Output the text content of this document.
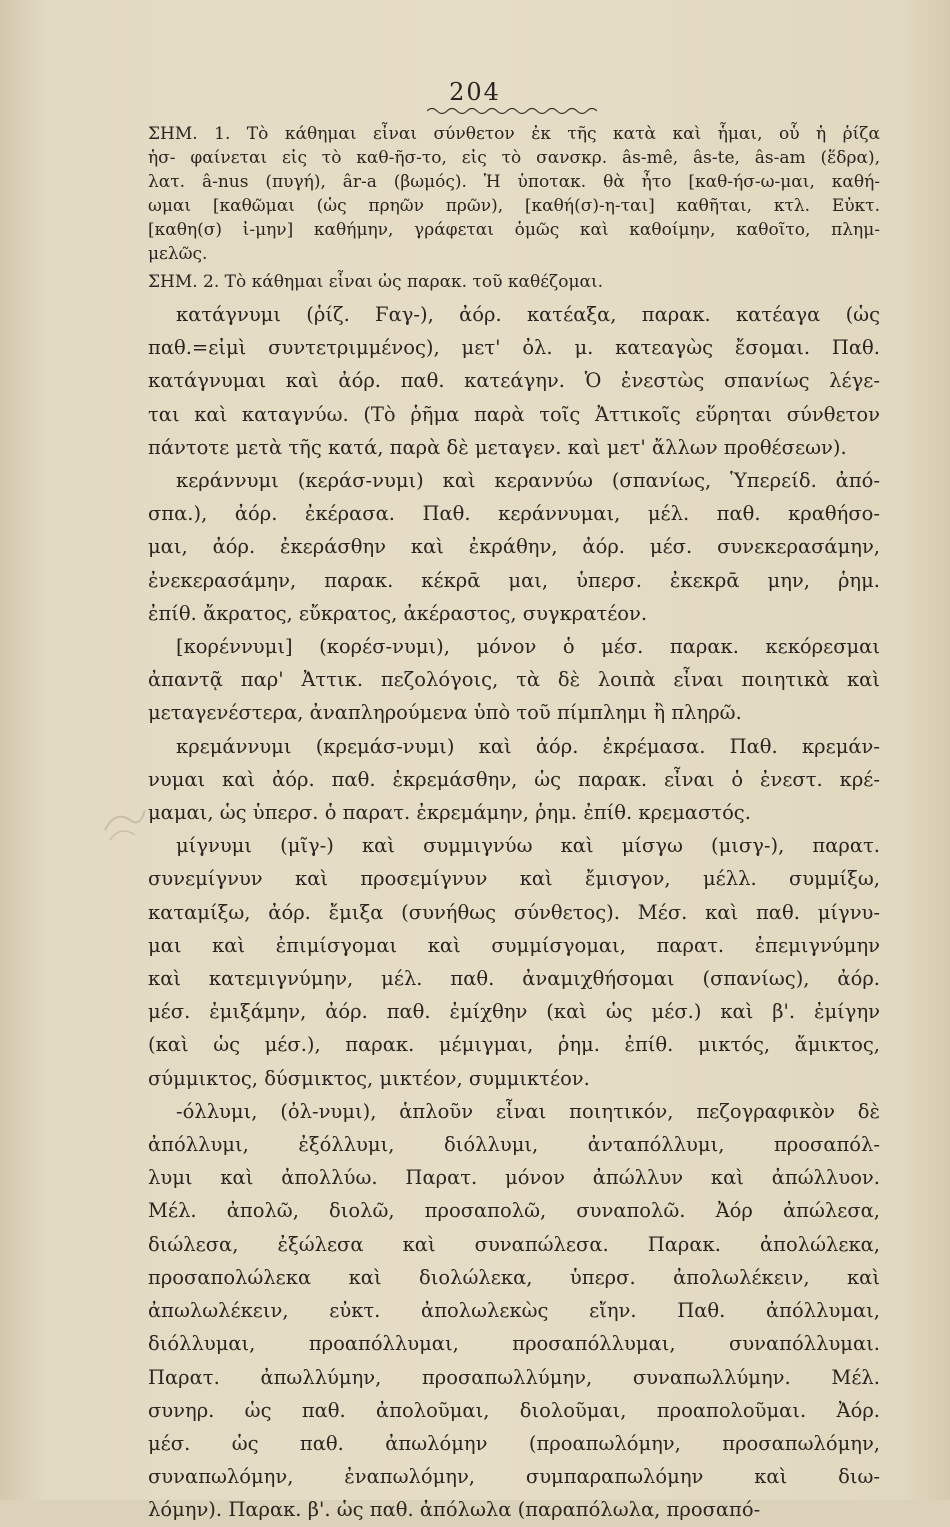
204
ΣΗΜ. 1. Τὸ κάθημαι εἶναι σύνθετον ἐκ τῆς κατὰ καὶ ἧμαι, οὗ ἡ ῥίζα
ἡσ- φαίνεται εἰς τὸ καθ-ῆσ-το, εἰς τὸ σανσκρ. âs-mê, âs-te, âs-am (ἕδρα),
λατ. â-nus (πυγή), âr-a (βωμός). Ἡ ὑποτακ. θὰ ἦτο [καθ-ήσ-ω-μαι, καθή-
ωμαι [καθῶμαι (ὡς πρηῶν πρῶν), [καθή(σ)-η-ται] καθῆται, κτλ. Εὐκτ.
[καθη(σ) ἰ-μην] καθήμην, γράφεται ὁμῶς καὶ καθοίμην, καθοῖτο, πλημ-
μελῶς.
ΣΗΜ. 2. Τὸ κάθημαι εἶναι ὡς παρακ. τοῦ καθέζομαι.
κατάγνυμι (ῥίζ. Ϝαγ-), ἀόρ. κατέαξα, παρακ. κατέαγα (ὡς
παθ.=εἰμὶ συντετριμμένος), μετ' ὀλ. μ. κατεαγὼς ἔσομαι. Παθ.
κατάγνυμαι καὶ ἀόρ. παθ. κατεάγην. Ὁ ἐνεστὼς σπανίως λέγε-
ται καὶ καταγνύω. (Τὸ ῥῆμα παρὰ τοῖς Ἀττικοῖς εὕρηται σύνθετον
πάντοτε μετὰ τῆς κατά, παρὰ δὲ μεταγεν. καὶ μετ' ἄλλων προθέσεων).
κεράννυμι (κεράσ-νυμι) καὶ κεραννύω (σπανίως, Ὑπερείδ. ἀπό-
σπα.), ἀόρ. ἐκέρασα. Παθ. κεράννυμαι, μέλ. παθ. κραθήσο-
μαι, ἀόρ. ἐκεράσθην καὶ ἐκράθην, ἀόρ. μέσ. συνεκερασάμην,
ἐνεκερασάμην, παρακ. κέκρᾱ μαι, ὑπερσ. ἐκεκρᾱ μην, ῥημ.
ἐπίθ. ἄκρατος, εὔκρατος, ἀκέραστος, συγκρατέον.
[κορέννυμι] (κορέσ-νυμι), μόνον ὁ μέσ. παρακ. κεκόρεσμαι
ἀπαντᾷ παρ' Ἀττικ. πεζολόγοις, τὰ δὲ λοιπὰ εἶναι ποιητικὰ καὶ
μεταγενέστερα, ἀναπληρούμενα ὑπὸ τοῦ πίμπλημι ἢ πληρῶ.
κρεμάννυμι (κρεμάσ-νυμι) καὶ ἀόρ. ἐκρέμασα. Παθ. κρεμάν-
νυμαι καὶ ἀόρ. παθ. ἐκρεμάσθην, ὡς παρακ. εἶναι ὁ ἐνεστ. κρέ-
μαμαι, ὡς ὑπερσ. ὁ παρατ. ἐκρεμάμην, ῥημ. ἐπίθ. κρεμαστός.
μίγνυμι (μῖγ-) καὶ συμμιγνύω καὶ μίσγω (μισγ-), παρατ.
συνεμίγνυν καὶ προσεμίγνυν καὶ ἔμισγον, μέλλ. συμμίξω,
καταμίξω, ἀόρ. ἔμιξα (συνήθως σύνθετος). Μέσ. καὶ παθ. μίγνυ-
μαι καὶ ἐπιμίσγομαι καὶ συμμίσγομαι, παρατ. ἐπεμιγνύμην
καὶ κατεμιγνύμην, μέλ. παθ. ἀναμιχθήσομαι (σπανίως), ἀόρ.
μέσ. ἐμιξάμην, ἀόρ. παθ. ἐμίχθην (καὶ ὡς μέσ.) καὶ β'. ἐμίγην
(καὶ ὡς μέσ.), παρακ. μέμιγμαι, ῥημ. ἐπίθ. μικτός, ἄμικτος,
σύμμικτος, δύσμικτος, μικτέον, συμμικτέον.
-όλλυμι, (ὀλ-νυμι), ἁπλοῦν εἶναι ποιητικόν, πεζογραφικὸν δὲ
ἀπόλλυμι, ἐξόλλυμι, διόλλυμι, ἀνταπόλλυμι, προσαπόλ-
λυμι καὶ ἀπολλύω. Παρατ. μόνον ἀπώλλυν καὶ ἀπώλλυον.
Μέλ. ἀπολῶ, διολῶ, προσαπολῶ, συναπολῶ. Ἀόρ ἀπώλεσα,
διώλεσα, ἐξώλεσα καὶ συναπώλεσα. Παρακ. ἀπολώλεκα,
προσαπολώλεκα καὶ διολώλεκα, ὑπερσ. ἀπολωλέκειν, καὶ
ἀπωλωλέκειν, εὐκτ. ἀπολωλεκὼς εἴην. Παθ. ἀπόλλυμαι,
διόλλυμαι, προαπόλλυμαι, προσαπόλλυμαι, συναπόλλυμαι.
Παρατ. ἀπωλλύμην, προσαπωλλύμην, συναπωλλύμην. Μέλ.
συνηρ. ὡς παθ. ἀπολοῦμαι, διολοῦμαι, προαπολοῦμαι. Ἀόρ.
μέσ. ὡς παθ. ἀπωλόμην (προαπωλόμην, προσαπωλόμην,
συναπωλόμην, ἐναπωλόμην, συμπαραπωλόμην καὶ διω-
λόμην). Παρακ. β'. ὡς παθ. ἀπόλωλα (παραπόλωλα, προσαπό-
